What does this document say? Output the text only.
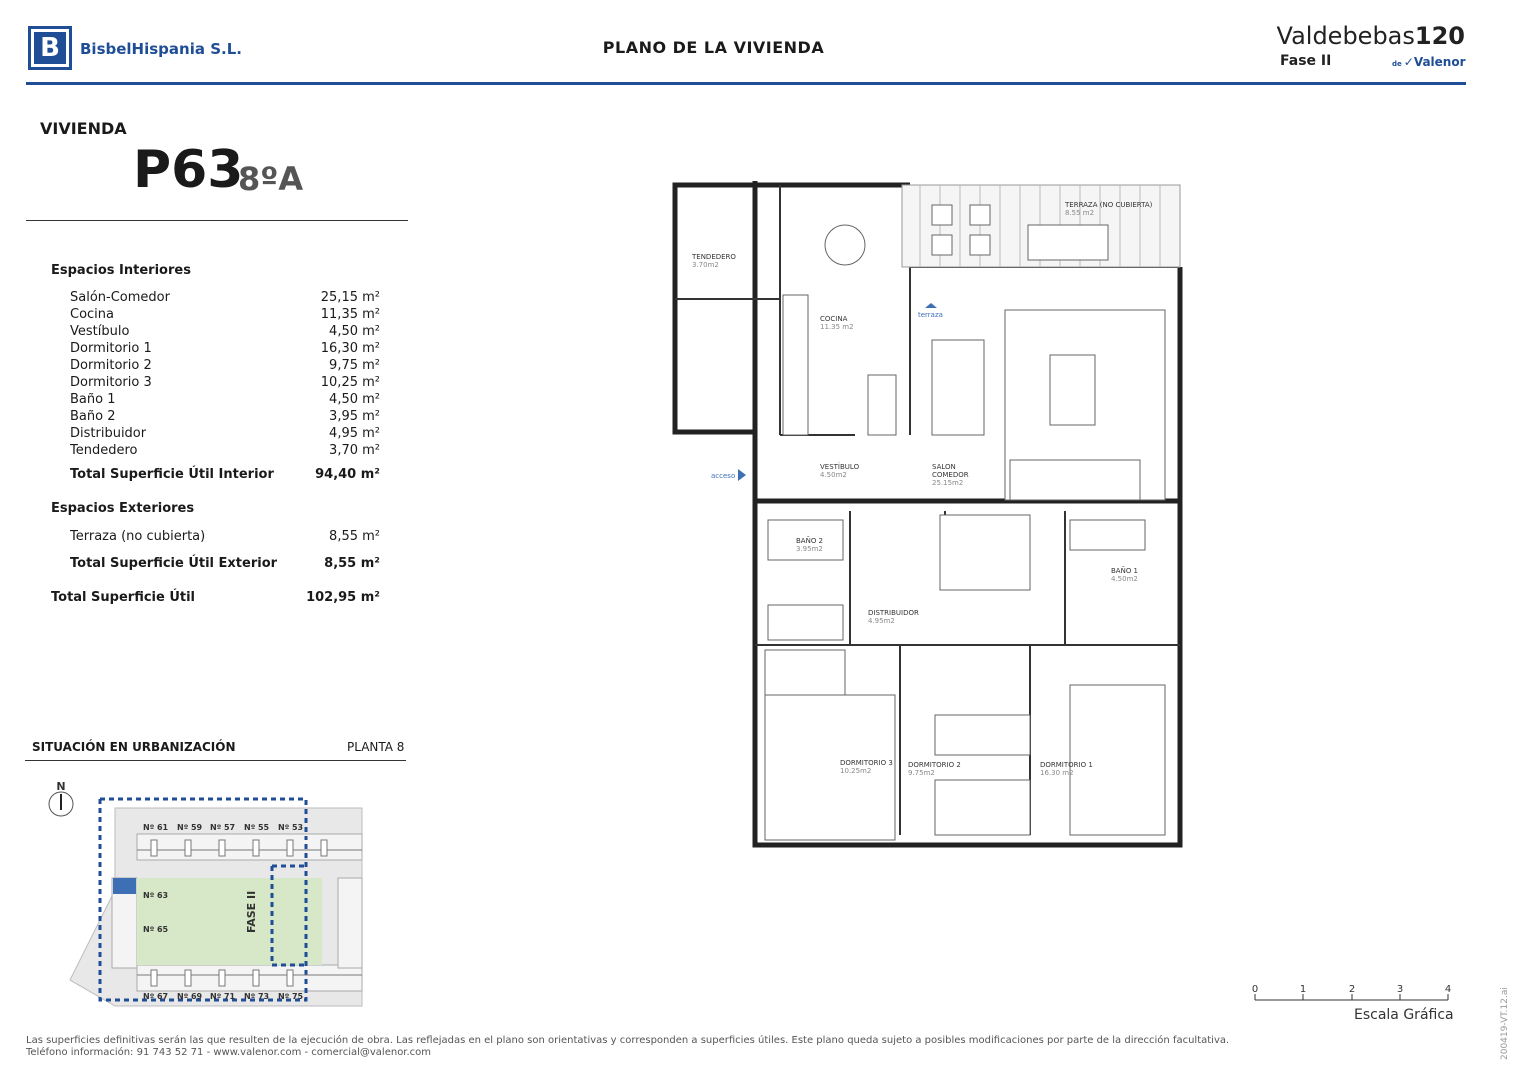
B	BisbelHispania S.L.	PLANO DE LA VIVIENDA	Valdebebas120
Fase II	de ✓Valenor
VIVIENDA
P63
8ºA
Espacios Interiores
Salón-Comedor	25,15 m²
Cocina	11,35 m²
Vestíbulo	4,50 m²
Dormitorio 1	16,30 m²
Dormitorio 2	9,75 m²
Dormitorio 3	10,25 m²
Baño 1	4,50 m²
Baño 2	3,95 m²
Distribuidor	4,95 m²
Tendedero	3,70 m²
Total Superficie Útil Interior	94,40 m²
Espacios Exteriores
Terraza (no cubierta)	8,55 m²
Total Superficie Útil Exterior	8,55 m²
Total Superficie Útil	102,95 m²
SITUACIÓN EN URBANIZACIÓN	PLANTA 8
N
Nº 61 Nº 59 Nº 57 Nº 55 Nº 53
Nº 63
Nº 65
Nº 67 Nº 69 Nº 71 Nº 73 Nº 75
FASE II
TERRAZA (NO CUBIERTA)
8.55 m2
TENDEDERO
3.70m2
COCINA
11.35 m2
terraza
VESTÍBULO
4.50m2
SALON
COMEDOR
25.15m2
acceso
BAÑO 2
3.95m2
BAÑO 1
4.50m2
DISTRIBUIDOR
4.95m2
DORMITORIO 3
10.25m2
DORMITORIO 2
9.75m2
DORMITORIO 1
16.30 m2
0	1	2	3	4
Escala Gráfica
Las superficies definitivas serán las que resulten de la ejecución de obra. Las reflejadas en el plano son orientativas y corresponden a superficies útiles. Este plano queda sujeto a posibles modificaciones por parte de la dirección facultativa.
Teléfono información: 91 743 52 71 - www.valenor.com - comercial@valenor.com	200419-VT.12.ai
